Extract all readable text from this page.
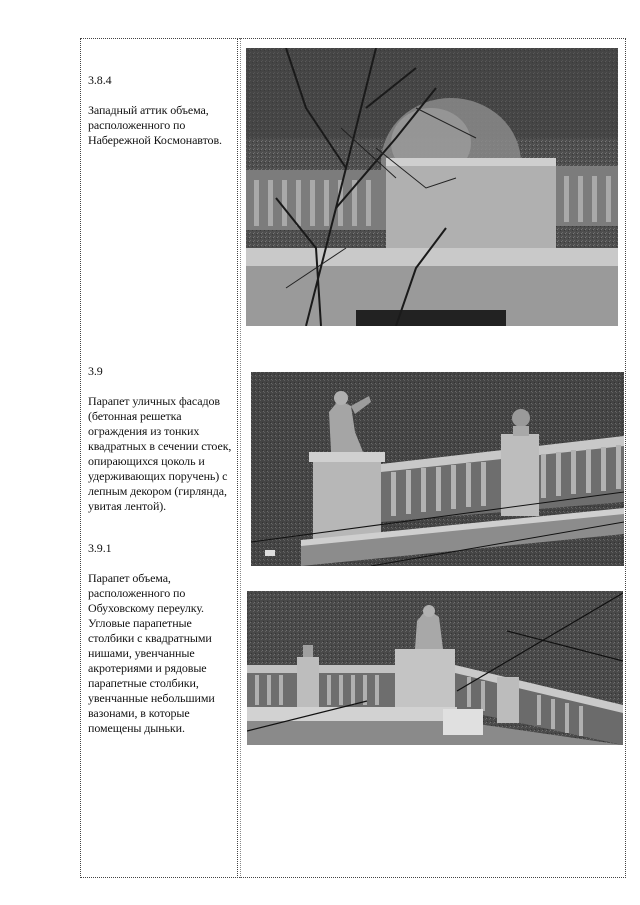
3.8.4

Западный аттик объема, расположенного по Набережной Космонавтов.

3.9

Парапет уличных фасадов (бетонная решетка ограждения из тонких квадратных в сечении стоек, опирающихся цоколь и удерживающих поручень) с лепным декором (гирлянда, увитая лентой).

3.9.1

Парапет объема, расположенного по Обуховскому переулку. Угловые парапетные столбики с квадратными нишами, увенчанные акротериями и рядовые парапетные столбики, увенчанные небольшими вазонами, в которые помещены дыньки.
